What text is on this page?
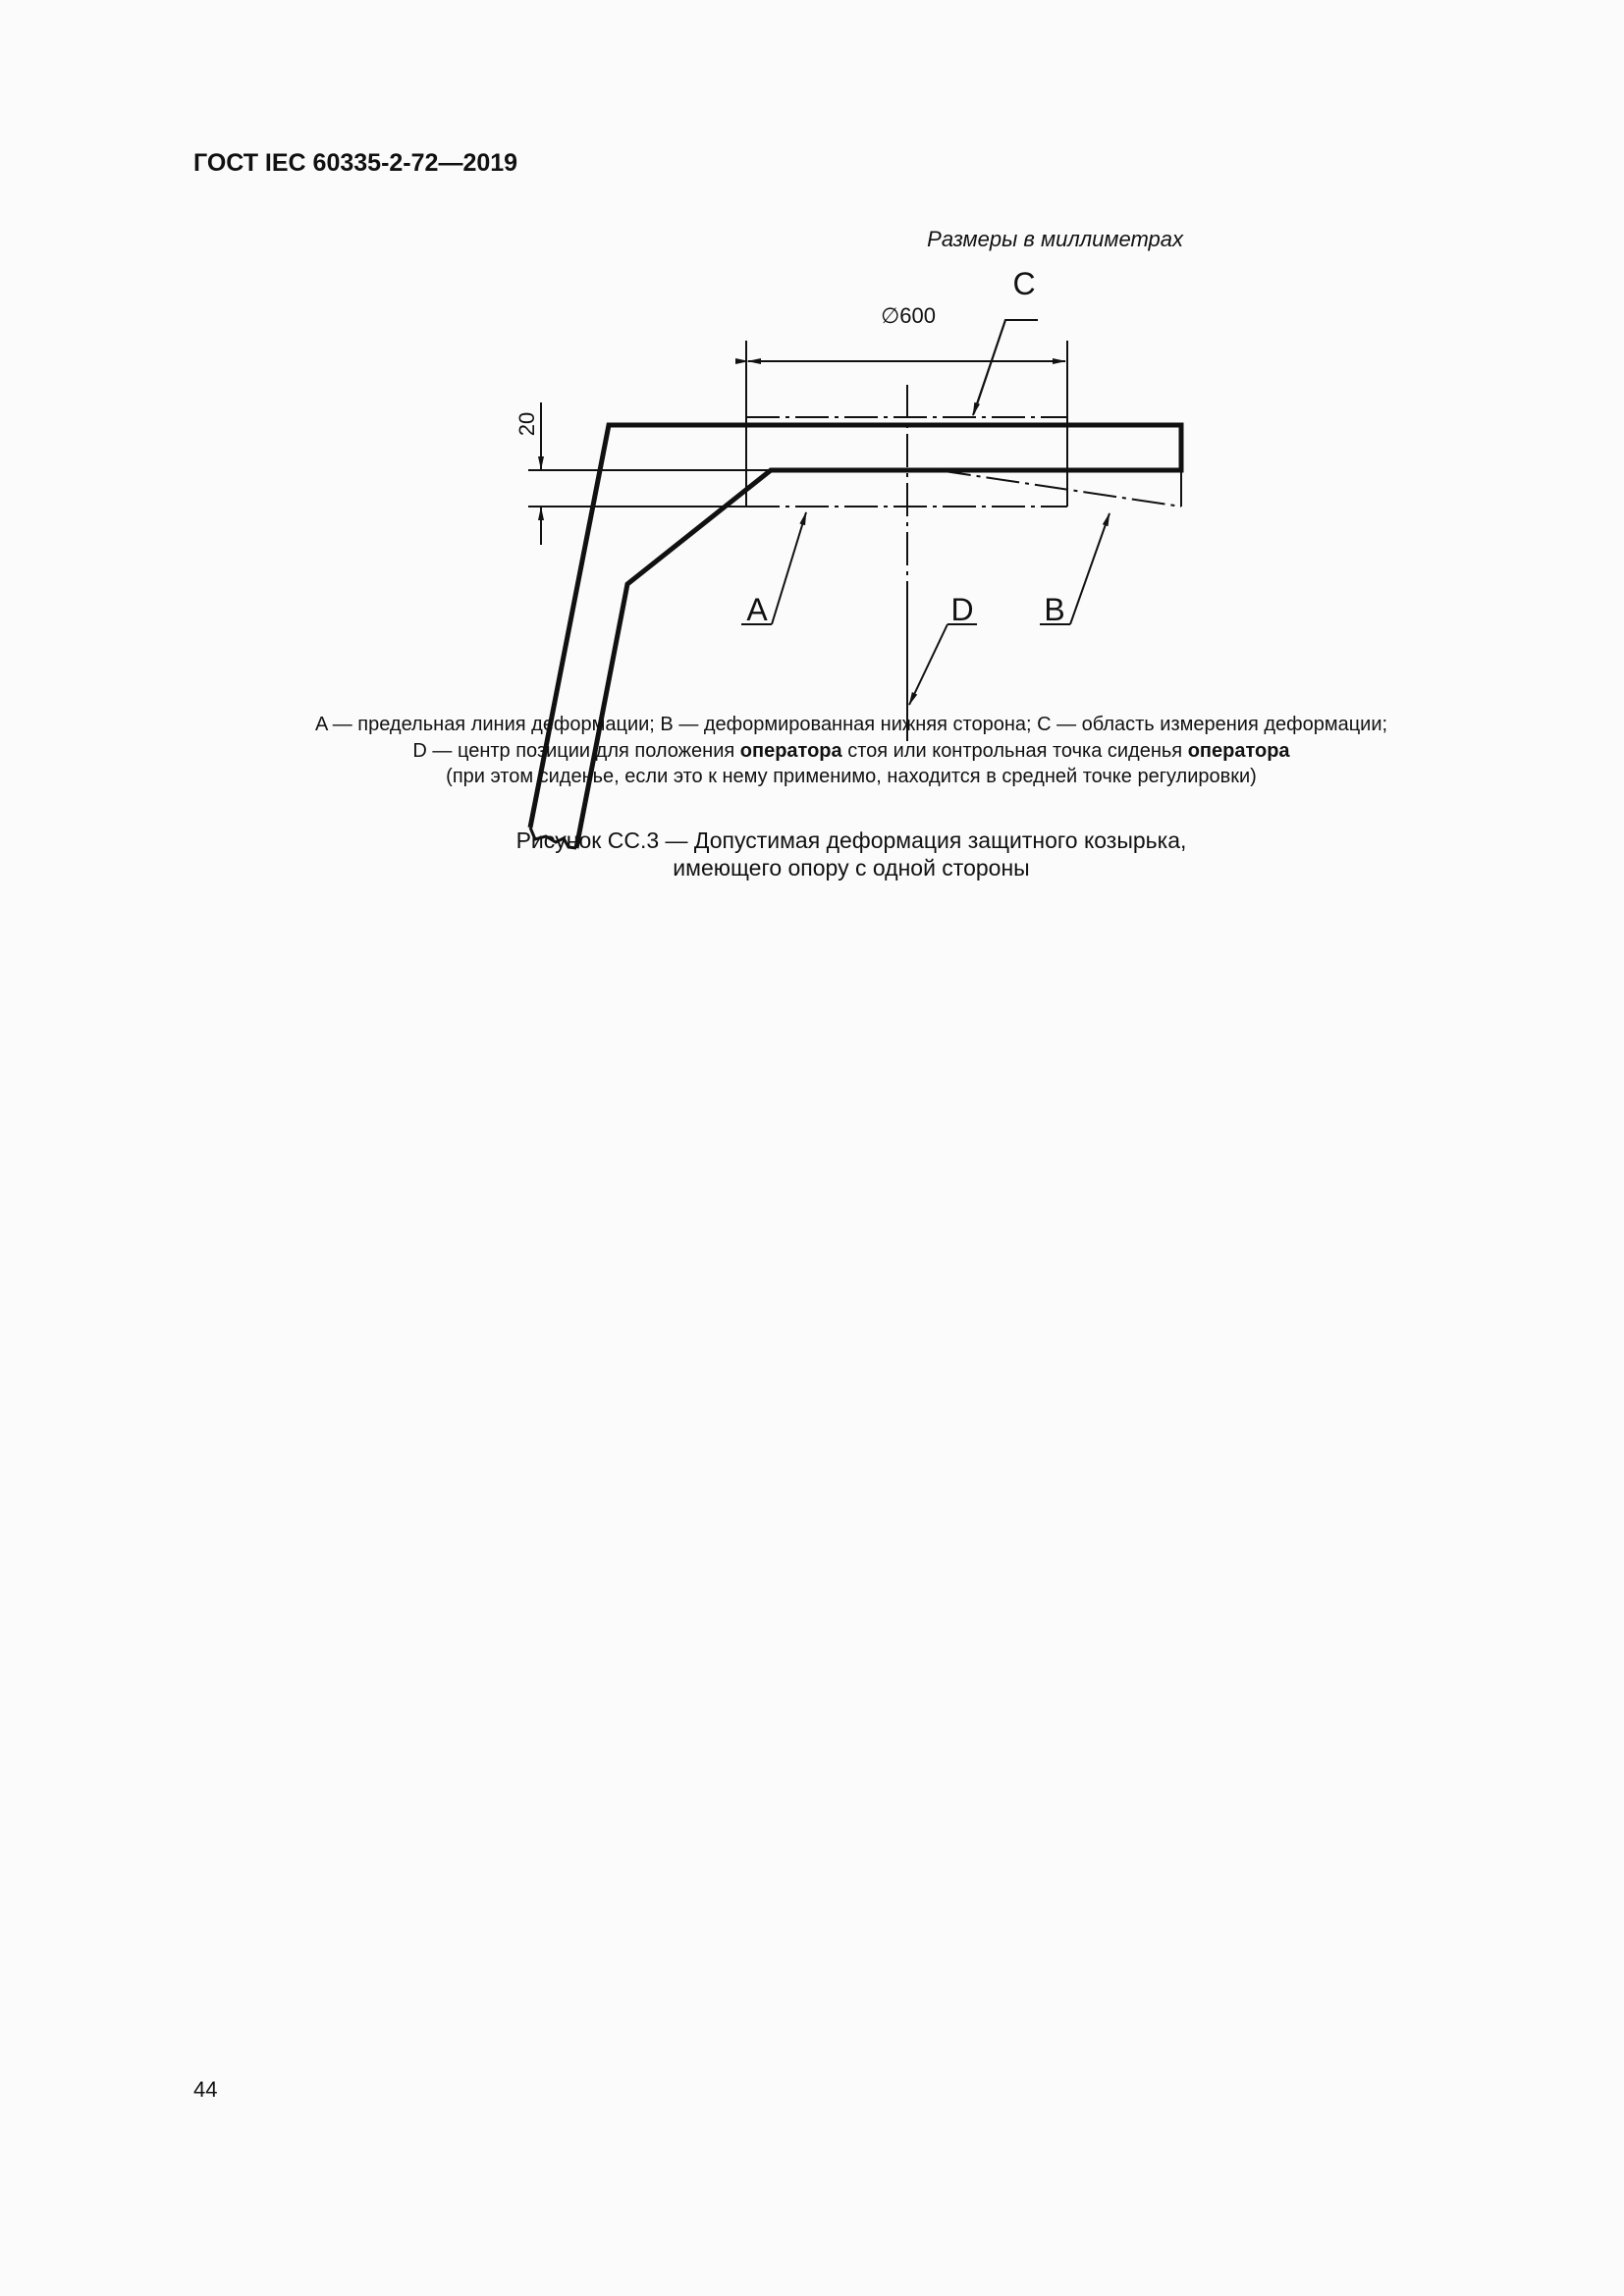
ГОСТ IEC 60335-2-72—2019
Размеры в миллиметрах
∅600
20
C
A	D B
A — предельная линия деформации; B — деформированная нижняя сторона; C — область измерения деформации;
D — центр позиции для положения оператора стоя или контрольная точка сиденья оператора
(при этом сиденье, если это к нему применимо, находится в средней точке регулировки)
Рисунок CC.3 — Допустимая деформация защитного козырька,
имеющего опору с одной стороны
44
